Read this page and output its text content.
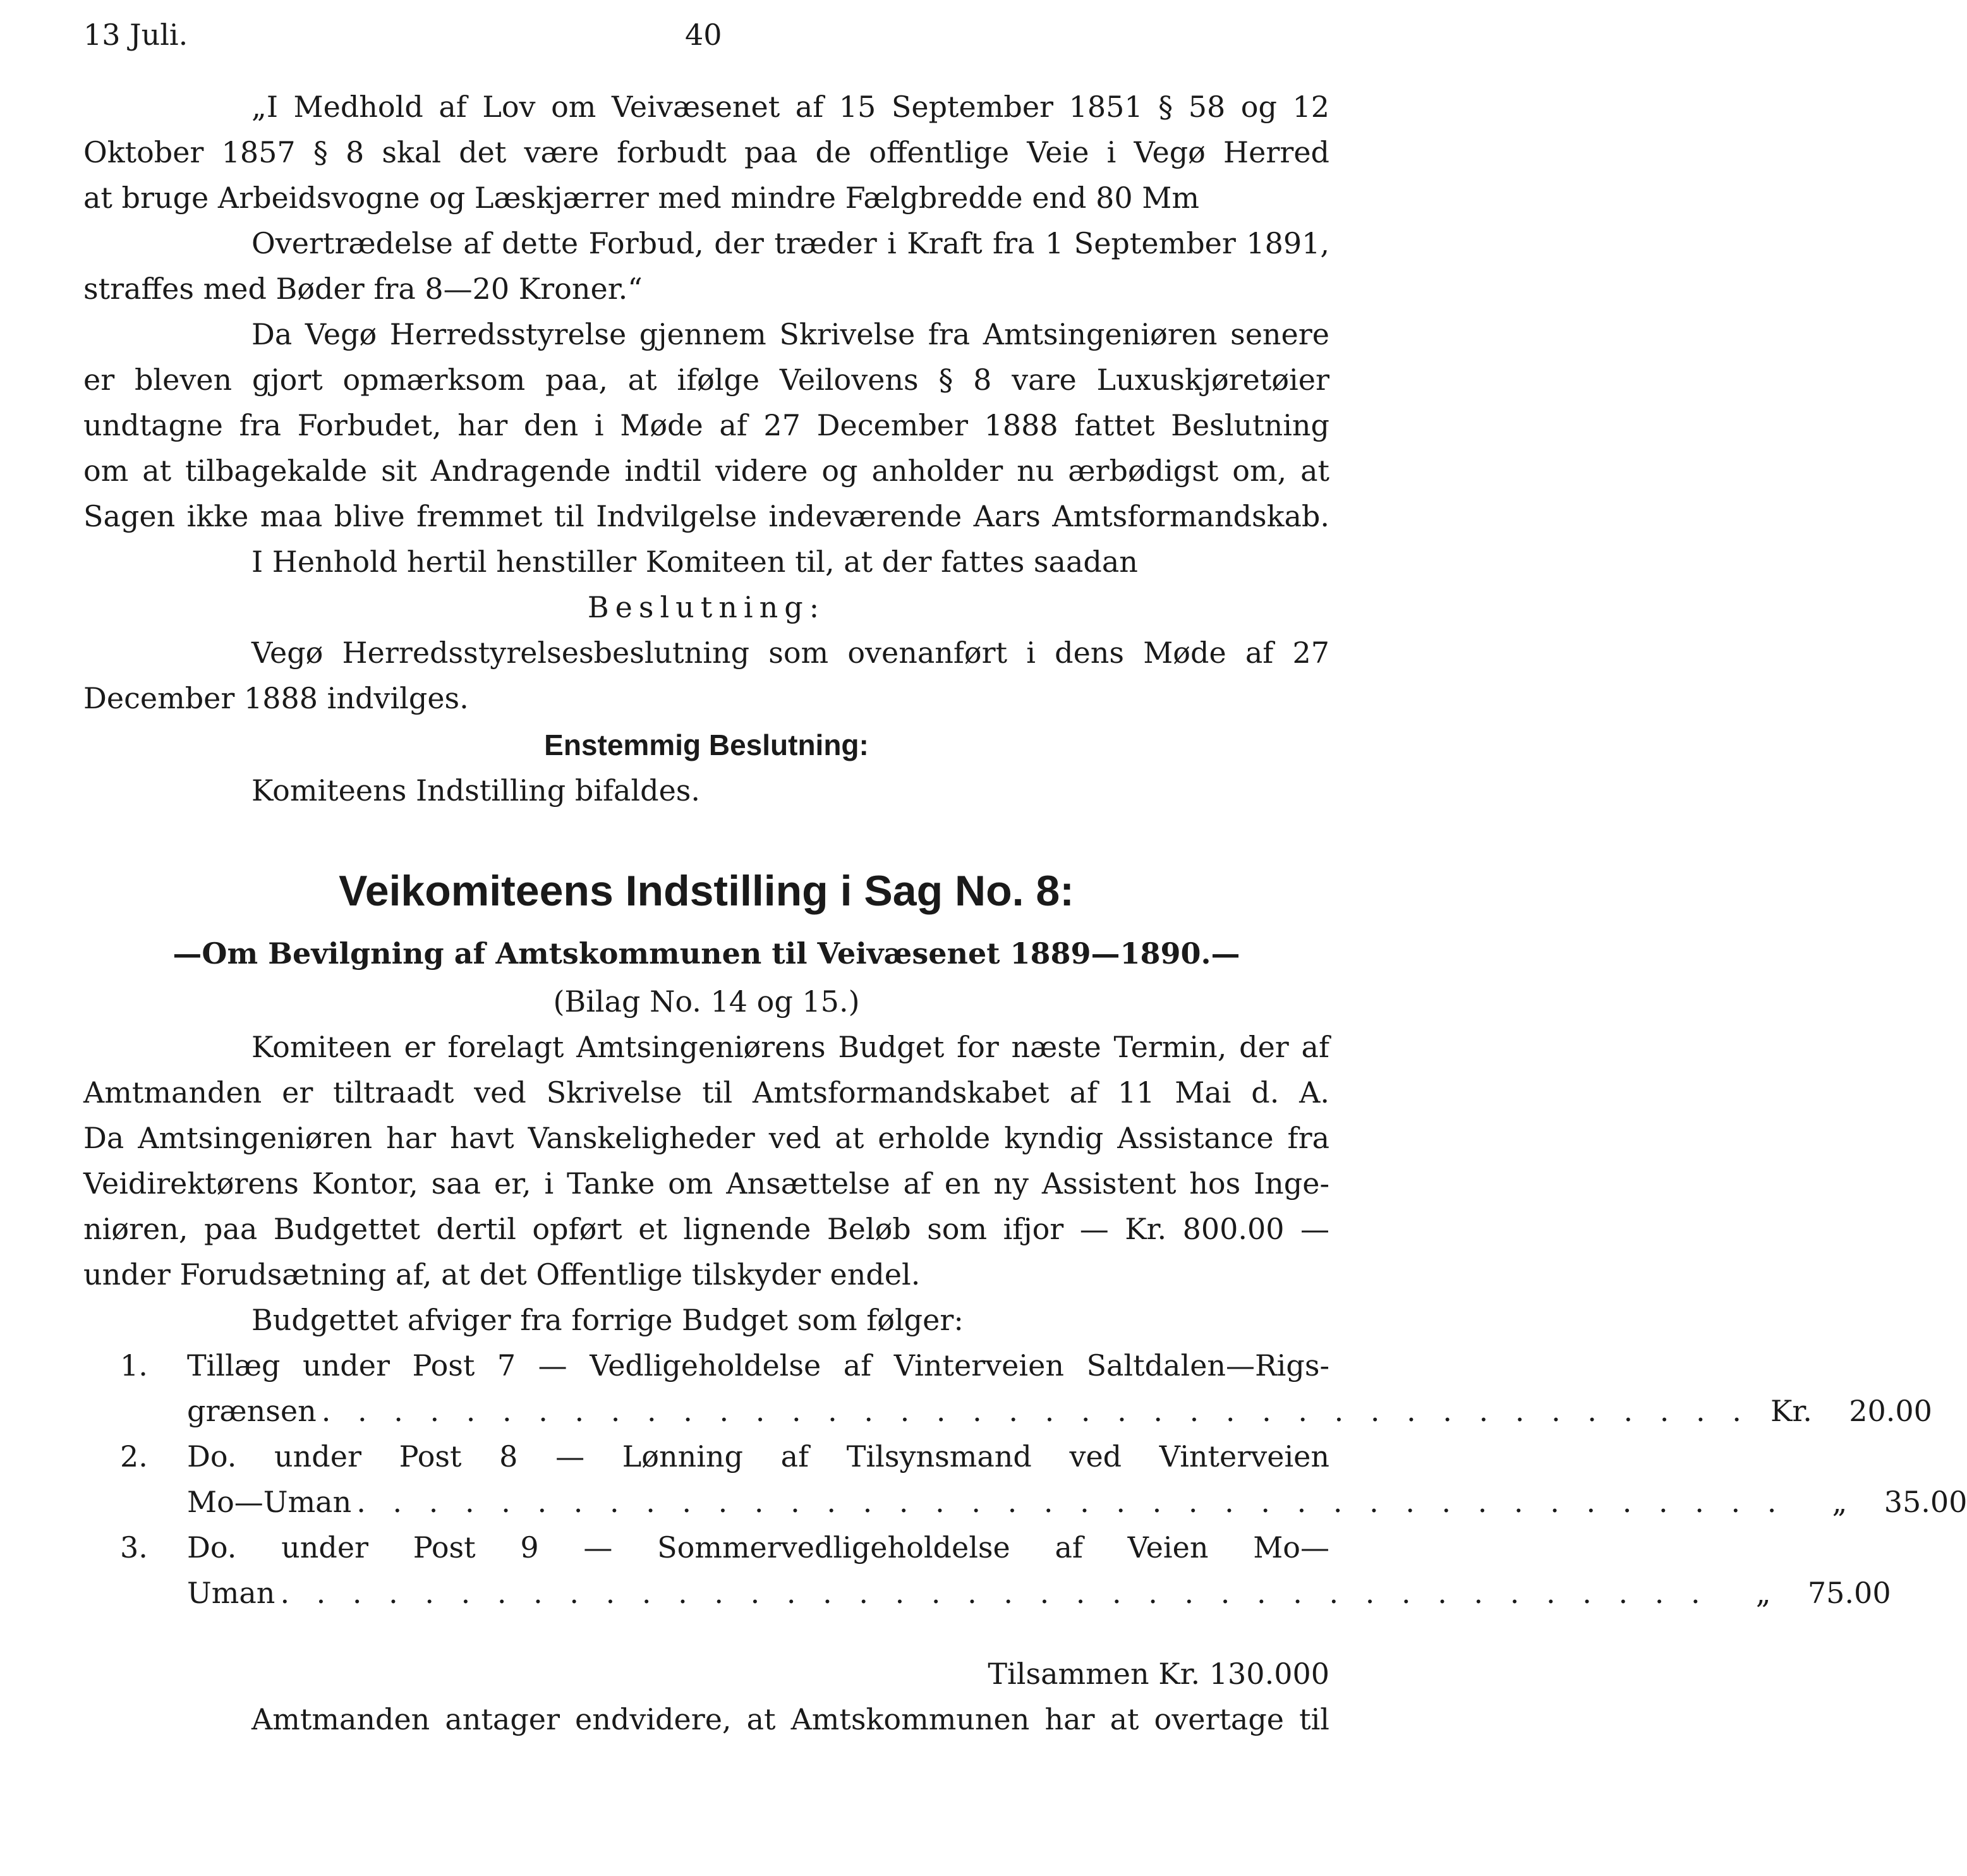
13 Juli.	40
„I Medhold af Lov om Veivæsenet af 15 September 1851 § 58 og 12
Oktober 1857 § 8 skal det være forbudt paa de offentlige Veie i Vegø Herred
at bruge Arbeidsvogne og Læskjærrer med mindre Fælgbredde end 80 Mm
Overtrædelse af dette Forbud, der træder i Kraft fra 1 September 1891,
straffes med Bøder fra 8—20 Kroner.“
Da Vegø Herredsstyrelse gjennem Skrivelse fra Amtsingeniøren senere
er bleven gjort opmærksom paa, at ifølge Veilovens § 8 vare Luxuskjøretøier
undtagne fra Forbudet, har den i Møde af 27 December 1888 fattet Beslutning
om at tilbagekalde sit Andragende indtil videre og anholder nu ærbødigst om, at
Sagen ikke maa blive fremmet til Indvilgelse indeværende Aars Amtsformandskab.
I Henhold hertil henstiller Komiteen til, at der fattes saadan
Beslutning:
Vegø Herredsstyrelsesbeslutning som ovenanført i dens Møde af 27
December 1888 indvilges.
Enstemmig Beslutning:
Komiteens Indstilling bifaldes.
Veikomiteens Indstilling i Sag No. 8:
—Om Bevilgning af Amtskommunen til Veivæsenet 1889—1890.—
(Bilag No. 14 og 15.)
Komiteen er forelagt Amtsingeniørens Budget for næste Termin, der af
Amtmanden er tiltraadt ved Skrivelse til Amtsformandskabet af 11 Mai d. A.
Da Amtsingeniøren har havt Vanskeligheder ved at erholde kyndig Assistance fra
Veidirektørens Kontor, saa er, i Tanke om Ansættelse af en ny Assistent hos Inge-
niøren, paa Budgettet dertil opført et lignende Beløb som ifjor — Kr. 800.00 —
under Forudsætning af, at det Offentlige tilskyder endel.
Budgettet afviger fra forrige Budget som følger:
1. Tillæg under Post 7 — Vedligeholdelse af Vinterveien Saltdalen—Rigs-
grænsen . . . . . . . . . . . . . . . . . . . . . . . . . . . . . . . . . . . . . . . . Kr.	20.00
2. Do. under Post 8 — Lønning af Tilsynsmand ved Vinterveien
Mo—Uman . . . . . . . . . . . . . . . . . . . . . . . . . . . . . . . . . . . . . . . .	„	35.00
3. Do. under Post 9 — Sommervedligeholdelse af Veien Mo—
Uman . . . . . . . . . . . . . . . . . . . . . . . . . . . . . . . . . . . . . . . .	„	75.00
Tilsammen Kr. 130.000
Amtmanden antager endvidere, at Amtskommunen har at overtage til
